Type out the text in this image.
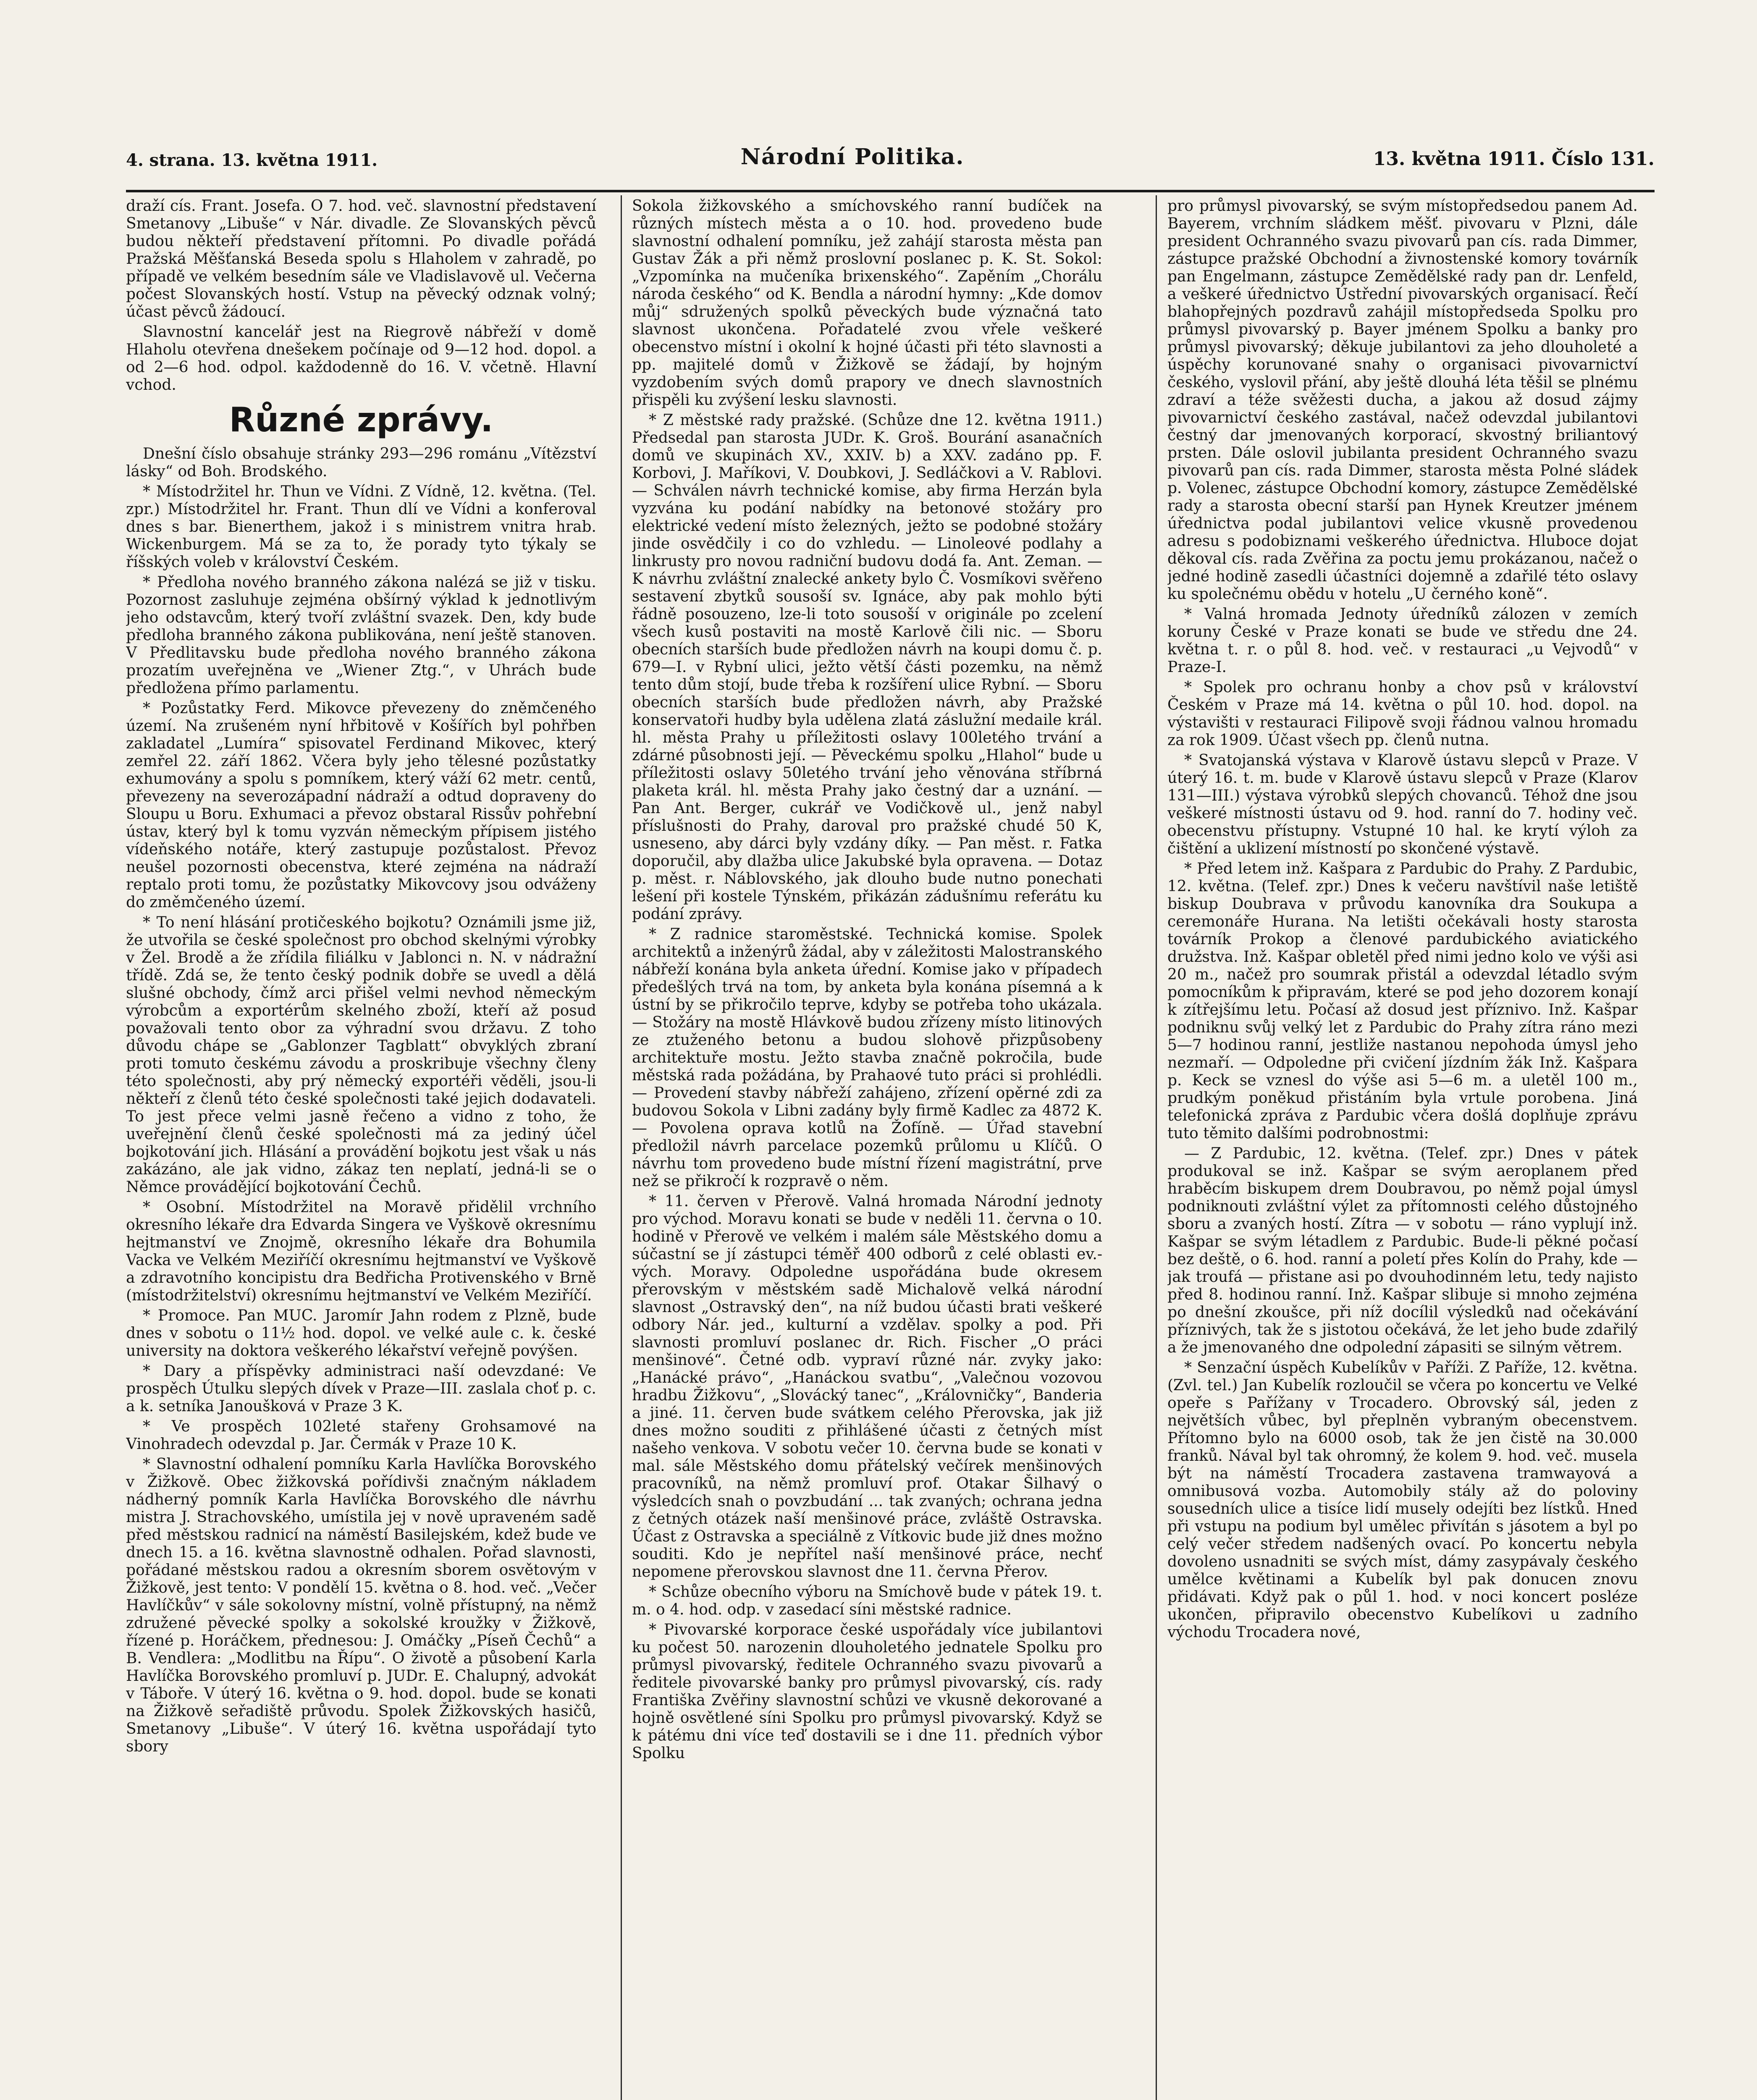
4. strana. 13. května 1911.	Národní Politika.	13. května 1911. Číslo 131.

draží cís. Frant. Josefa. O 7. hod. več. slavnostní představení Smetanovy „Libuše“ v Nár. divadle. Ze Slovanských pěvců budou někteří představení přítomni. Po divadle pořádá Pražská Měšťanská Beseda spolu s Hlaholem v zahradě, po případě ve velkém besedním sále ve Vladislavově ul. Večerna počest Slovanských hostí. Vstup na pěvecký odznak volný; účast pěvců žádoucí.

Slavnostní kancelář jest na Riegrově nábřeží v domě Hlaholu otevřena dnešekem počínaje od 9—12 hod. dopol. a od 2—6 hod. odpol. každodenně do 16. V. včetně. Hlavní vchod.

Různé zprávy.

Dnešní číslo obsahuje stránky 293—296 románu „Vítězství lásky“ od Boh. Brodského.

* Místodržitel hr. Thun ve Vídni. Z Vídně, 12. května. (Tel. zpr.) Místodržitel hr. Frant. Thun dlí ve Vídni a konferoval dnes s bar. Bienerthem, jakož i s ministrem vnitra hrab. Wickenburgem. Má se za to, že porady tyto týkaly se říšských voleb v království Českém.

* Předloha nového branného zákona nalézá se již v tisku. Pozornost zasluhuje zejména obšírný výklad k jednotlivým jeho odstavcům, který tvoří zvláštní svazek. Den, kdy bude předloha branného zákona publikována, není ještě stanoven. V Předlitavsku bude předloha nového branného zákona prozatím uveřejněna ve „Wiener Ztg.“, v Uhrách bude předložena přímo parlamentu.

* Pozůstatky Ferd. Mikovce převezeny do zněmčeného území. Na zrušeném nyní hřbitově v Košířích byl pohřben zakladatel „Lumíra“ spisovatel Ferdinand Mikovec, který zemřel 22. září 1862. Včera byly jeho tělesné pozůstatky exhumovány a spolu s pomníkem, který váží 62 metr. centů, převezeny na severozápadní nádraží a odtud dopraveny do Sloupu u Boru. Exhumaci a převoz obstaral Rissův pohřební ústav, který byl k tomu vyzván německým přípisem jistého vídeňského notáře, který zastupuje pozůstalost. Převoz neušel pozornosti obecenstva, které zejména na nádraží reptalo proti tomu, že pozůstatky Mikovcovy jsou odváženy do změmčeného území.

* To není hlásání protičeského bojkotu? Oznámili jsme již, že utvořila se české společnost pro obchod skelnými výrobky v Žel. Brodě a že zřídila filiálku v Jablonci n. N. v nádražní třídě. Zdá se, že tento český podnik dobře se uvedl a dělá slušné obchody, čímž arci přišel velmi nevhod německým výrobcům a exportérům skelného zboží, kteří až posud považovali tento obor za výhradní svou državu. Z toho důvodu chápe se „Gablonzer Tagblatt“ obvyklých zbraní proti tomuto českému závodu a proskribuje všechny členy této společnosti, aby prý německý exportéři věděli, jsou-li někteří z členů této české společnosti také jejich dodavateli. To jest přece velmi jasně řečeno a vidno z toho, že uveřejnění členů české společnosti má za jediný účel bojkotování jich. Hlásání a provádění bojkotu jest však u nás zakázáno, ale jak vidno, zákaz ten neplatí, jedná-li se o Němce provádějící bojkotování Čechů.

* Osobní. Místodržitel na Moravě přidělil vrchního okresního lékaře dra Edvarda Singera ve Vyškově okresnímu hejtmanství ve Znojmě, okresního lékaře dra Bohumila Vacka ve Velkém Meziříčí okresnímu hejtmanství ve Vyškově a zdravotního koncipistu dra Bedřicha Protivenského v Brně (místodržitelství) okresnímu hejtmanství ve Velkém Meziříčí.

* Promoce. Pan MUC. Jaromír Jahn rodem z Plzně, bude dnes v sobotu o 11½ hod. dopol. ve velké aule c. k. české university na doktora veškerého lékařství veřejně povýšen.

* Dary a příspěvky administraci naší odevzdané: Ve prospěch Útulku slepých dívek v Praze—III. zaslala choť p. c. a k. setníka Janoušková v Praze 3 K.

* Ve prospěch 102leté stařeny Grohsamové na Vinohradech odevzdal p. Jar. Čermák v Praze 10 K.

* Slavnostní odhalení pomníku Karla Havlíčka Borovského v Žižkově. Obec žižkovská pořídivši značným nákladem nádherný pomník Karla Havlíčka Borovského dle návrhu mistra J. Strachovského, umístila jej v nově upraveném sadě před městskou radnicí na náměstí Basilejském, kdež bude ve dnech 15. a 16. května slavnostně odhalen. Pořad slavnosti, pořádané městskou radou a okresním sborem osvětovým v Žižkově, jest tento: V pondělí 15. května o 8. hod. več. „Večer Havlíčkův“ v sále sokolovny místní, volně přístupný, na němž združené pěvecké spolky a sokolské kroužky v Žižkově, řízené p. Horáčkem, přednesou: J. Omáčky „Píseň Čechů“ a B. Vendlera: „Modlitbu na Řípu“. O životě a působení Karla Havlíčka Borovského promluví p. JUDr. E. Chalupný, advokát v Táboře. V úterý 16. května o 9. hod. dopol. bude se konati na Žižkově seřadiště průvodu. Spolek Žižkovských hasičů, Smetanovy „Libuše“. V úterý 16. května uspořádají tyto sbory

Sokola žižkovského a smíchovského ranní budíček na různých místech města a o 10. hod. provedeno bude slavnostní odhalení pomníku, jež zahájí starosta města pan Gustav Žák a při němž proslovní poslanec p. K. St. Sokol: „Vzpomínka na mučeníka brixenského“. Zapěním „Chorálu národa českého“ od K. Bendla a národní hymny: „Kde domov můj“ sdružených spolků pěveckých bude význačná tato slavnost ukončena. Pořadatelé zvou vřele veškeré obecenstvo místní i okolní k hojné účasti při této slavnosti a pp. majitelé domů v Žižkově se žádají, by hojným vyzdobením svých domů prapory ve dnech slavnostních přispěli ku zvýšení lesku slavnosti.

* Z městské rady pražské. (Schůze dne 12. května 1911.) Předsedal pan starosta JUDr. K. Groš. Bourání asanačních domů ve skupinách XV., XXIV. b) a XXV. zadáno pp. F. Korbovi, J. Maříkovi, V. Doubkovi, J. Sedláčkovi a V. Rablovi. — Schválen návrh technické komise, aby firma Herzán byla vyzvána ku podání nabídky na betonové stožáry pro elektrické vedení místo železných, ježto se podobné stožáry jinde osvědčily i co do vzhledu. — Linoleové podlahy a linkrusty pro novou radniční budovu dodá fa. Ant. Zeman. — K návrhu zvláštní znalecké ankety bylo Č. Vosmíkovi svěřeno sestavení zbytků sousoší sv. Ignáce, aby pak mohlo býti řádně posouzeno, lze-li toto sousoší v originále po zcelení všech kusů postaviti na mostě Karlově čili nic. — Sboru obecních starších bude předložen návrh na koupi domu č. p. 679—I. v Rybní ulici, ježto větší části pozemku, na němž tento dům stojí, bude třeba k rozšíření ulice Rybní. — Sboru obecních starších bude předložen návrh, aby Pražské konservatoři hudby byla udělena zlatá záslužní medaile král. hl. města Prahy u příležitosti oslavy 100letého trvání a zdárné působnosti její. — Pěveckému spolku „Hlahol“ bude u příležitosti oslavy 50letého trvání jeho věnována stříbrná plaketa král. hl. města Prahy jako čestný dar a uznání. — Pan Ant. Berger, cukrář ve Vodičkově ul., jenž nabyl příslušnosti do Prahy, daroval pro pražské chudé 50 K, usneseno, aby dárci byly vzdány díky. — Pan měst. r. Fatka doporučil, aby dlažba ulice Jakubské byla opravena. — Dotaz p. měst. r. Náblovského, jak dlouho bude nutno ponechati lešení při kostele Týnském, přikázán zádušnímu referátu ku podání zprávy.

* Z radnice staroměstské. Technická komise. Spolek architektů a inženýrů žádal, aby v záležitosti Malostranského nábřeží konána byla anketa úřední. Komise jako v případech předešlých trvá na tom, by anketa byla konána písemná a k ústní by se přikročilo teprve, kdyby se potřeba toho ukázala. — Stožáry na mostě Hlávkově budou zřízeny místo litinových ze ztuženého betonu a budou slohově přizpůsobeny architektuře mostu. Ježto stavba značně pokročila, bude městská rada požádána, by Prahaové tuto práci si prohlédli. — Provedení stavby nábřeží zahájeno, zřízení opěrné zdi za budovou Sokola v Libni zadány byly firmě Kadlec za 4872 K. — Povolena oprava kotlů na Žofíně. — Úřad stavební předložil návrh parcelace pozemků průlomu u Klíčů. O návrhu tom provedeno bude místní řízení magistrátní, prve než se přikročí k rozpravě o něm.

* 11. červen v Přerově. Valná hromada Národní jednoty pro východ. Moravu konati se bude v neděli 11. června o 10. hodině v Přerově ve velkém i malém sále Městského domu a súčastní se jí zástupci téměř 400 odborů z celé oblasti ev.-vých. Moravy. Odpoledne uspořádána bude okresem přerovským v městském sadě Michalově velká národní slavnost „Ostravský den“, na níž budou účasti brati veškeré odbory Nár. jed., kulturní a vzdělav. spolky a pod. Při slavnosti promluví poslanec dr. Rich. Fischer „O práci menšinové“. Četné odb. vypraví různé nár. zvyky jako: „Hanácké právo“, „Hanáckou svatbu“, „Valečnou vozovou hradbu Žižkovu“, „Slovácký tanec“, „Královničky“, Banderia a jiné. 11. červen bude svátkem celého Přerovska, jak již dnes možno souditi z přihlášené účasti z četných míst našeho venkova. V sobotu večer 10. června bude se konati v mal. sále Městského domu přátelský večírek menšinových pracovníků, na němž promluví prof. Otakar Šilhavý o výsledcích snah o povzbudání ... tak zvaných; ochrana jedna z četných otázek naší menšinové práce, zvláště Ostravska. Účast z Ostravska a speciálně z Vítkovic bude již dnes možno souditi. Kdo je nepřítel naší menšinové práce, nechť nepomene přerovskou slavnost dne 11. června Přerov.

* Schůze obecního výboru na Smíchově bude v pátek 19. t. m. o 4. hod. odp. v zasedací síni městské radnice.

* Pivovarské korporace české uspořádaly více jubilantovi ku počest 50. narozenin dlouholetého jednatele Spolku pro průmysl pivovarský, ředitele Ochranného svazu pivovarů a ředitele pivovarské banky pro průmysl pivovarský, cís. rady Františka Zvěřiny slavnostní schůzi ve vkusně dekorované a hojně osvětlené síni Spolku pro průmysl pivovarský. Když se k pátému dni více teď dostavili se i dne 11. předních výbor Spolku

pro průmysl pivovarský, se svým místopředsedou panem Ad. Bayerem, vrchním sládkem měšť. pivovaru v Plzni, dále president Ochranného svazu pivovarů pan cís. rada Dimmer, zástupce pražské Obchodní a živnostenské komory továrník pan Engelmann, zástupce Zemědělské rady pan dr. Lenfeld, a veškeré úřednictvo Ústřední pivovarských organisací. Řečí blahopřejných pozdravů zahájil místopředseda Spolku pro průmysl pivovarský p. Bayer jménem Spolku a banky pro průmysl pivovarský; děkuje jubilantovi za jeho dlouholeté a úspěchy korunované snahy o organisaci pivovarnictví českého, vyslovil přání, aby ještě dlouhá léta těšil se plnému zdraví a téže svěžesti ducha, a jakou až dosud zájmy pivovarnictví českého zastával, načež odevzdal jubilantovi čestný dar jmenovaných korporací, skvostný briliantový prsten. Dále oslovil jubilanta president Ochranného svazu pivovarů pan cís. rada Dimmer, starosta města Polné sládek p. Volenec, zástupce Obchodní komory, zástupce Zemědělské rady a starosta obecní starší pan Hynek Kreutzer jménem úřednictva podal jubilantovi velice vkusně provedenou adresu s podobiznami veškerého úřednictva. Hluboce dojat děkoval cís. rada Zvěřina za poctu jemu prokázanou, načež o jedné hodině zasedli účastníci dojemně a zdařilé této oslavy ku společnému obědu v hotelu „U černého koně“.

* Valná hromada Jednoty úředníků zálozen v zemích koruny České v Praze konati se bude ve středu dne 24. května t. r. o půl 8. hod. več. v restauraci „u Vejvodů“ v Praze-I.

* Spolek pro ochranu honby a chov psů v království Českém v Praze má 14. května o půl 10. hod. dopol. na výstavišti v restauraci Filipově svoji řádnou valnou hromadu za rok 1909. Účast všech pp. členů nutna.

* Svatojanská výstava v Klarově ústavu slepců v Praze. V úterý 16. t. m. bude v Klarově ústavu slepců v Praze (Klarov 131—III.) výstava výrobků slepých chovanců. Téhož dne jsou veškeré místnosti ústavu od 9. hod. ranní do 7. hodiny več. obecenstvu přístupny. Vstupné 10 hal. ke krytí výloh za čištění a uklizení místností po skončené výstavě.

* Před letem inž. Kašpara z Pardubic do Prahy. Z Pardubic, 12. května. (Telef. zpr.) Dnes k večeru navštívil naše letiště biskup Doubrava v průvodu kanovníka dra Soukupa a ceremonáře Hurana. Na letišti očekávali hosty starosta továrník Prokop a členové pardubického aviatického družstva. Inž. Kašpar obletěl před nimi jedno kolo ve výši asi 20 m., načež pro soumrak přistál a odevzdal létadlo svým pomocníkům k připravám, které se pod jeho dozorem konají k zítřejšímu letu. Počasí až dosud jest příznivo. Inž. Kašpar podniknu svůj velký let z Pardubic do Prahy zítra ráno mezi 5—7 hodinou ranní, jestliže nastanou nepohoda úmysl jeho nezmaří. — Odpoledne při cvičení jízdním žák Inž. Kašpara p. Keck se vznesl do výše asi 5—6 m. a uletěl 100 m., prudkým poněkud přistáním byla vrtule porobena. Jiná telefonická zpráva z Pardubic včera došlá doplňuje zprávu tuto těmito dalšími podrobnostmi:

— Z Pardubic, 12. května. (Telef. zpr.) Dnes v pátek produkoval se inž. Kašpar se svým aeroplanem před hraběcím biskupem drem Doubravou, po němž pojal úmysl podniknouti zvláštní výlet za přítomnosti celého důstojného sboru a zvaných hostí. Zítra — v sobotu — ráno vyplují inž. Kašpar se svým létadlem z Pardubic. Bude-li pěkné počasí bez deště, o 6. hod. ranní a poletí přes Kolín do Prahy, kde — jak troufá — přistane asi po dvouhodinném letu, tedy najisto před 8. hodinou ranní. Inž. Kašpar slibuje si mnoho zejména po dnešní zkoušce, při níž docílil výsledků nad očekávání příznivých, tak že s jistotou očekává, že let jeho bude zdařilý a že jmenovaného dne odpolední zápasiti se silným větrem.

* Senzační úspěch Kubelíkův v Paříži. Z Paříže, 12. května. (Zvl. tel.) Jan Kubelík rozloučil se včera po koncertu ve Velké opeře s Pařížany v Trocadero. Obrovský sál, jeden z největších vůbec, byl přeplněn vybraným obecenstvem. Přítomno bylo na 6000 osob, tak že jen čistě na 30.000 franků. Nával byl tak ohromný, že kolem 9. hod. več. musela být na náměstí Trocadera zastavena tramwayová a omnibusová vozba. Automobily stály až do poloviny sousedních ulice a tisíce lidí musely odejíti bez lístků. Hned při vstupu na podium byl umělec přivítán s jásotem a byl po celý večer středem nadšených ovací. Po koncertu nebyla dovoleno usnadniti se svých míst, dámy zasypávaly českého umělce květinami a Kubelík byl pak donucen znovu přidávati. Když pak o půl 1. hod. v noci koncert posléze ukončen, připravilo obecenstvo Kubelíkovi u zadního východu Trocadera nové,
